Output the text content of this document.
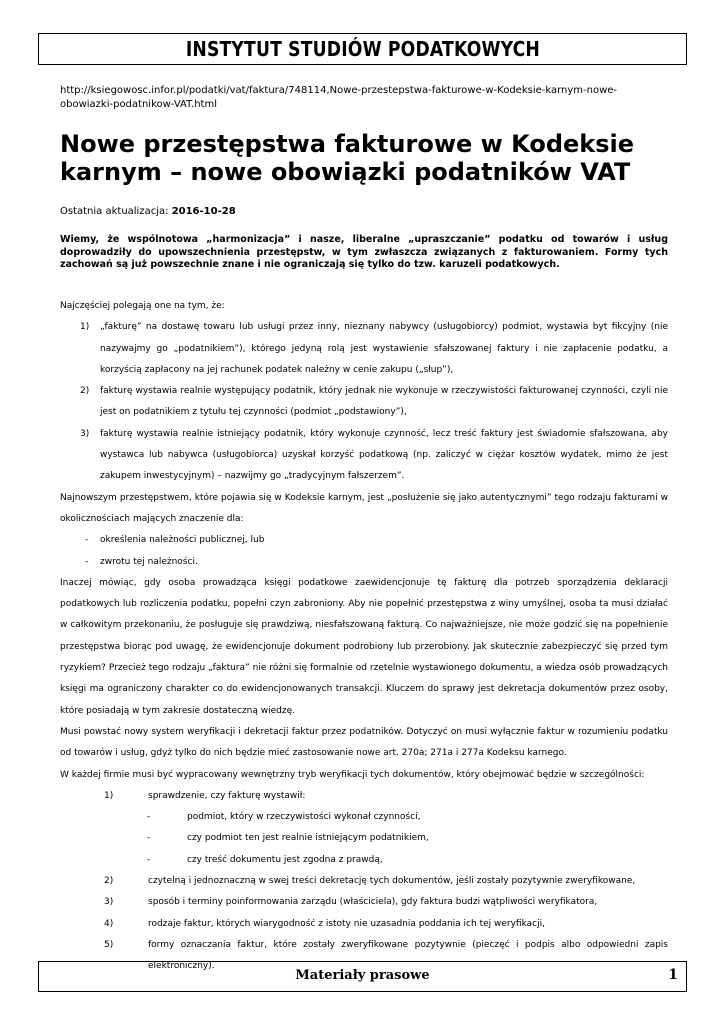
INSTYTUT STUDIÓW PODATKOWYCH
http://ksiegowosc.infor.pl/podatki/vat/faktura/748114,Nowe-przestepstwa-fakturowe-w-Kodeksie-karnym-nowe-obowiazki-podatnikow-VAT.html
Nowe przestępstwa fakturowe w Kodeksie karnym – nowe obowiązki podatników VAT
Ostatnia aktualizacja: 2016-10-28
Wiemy, że wspólnotowa „harmonizacja” i nasze, liberalne „upraszczanie” podatku od towarów i usług doprowadziły do upowszechnienia przestępstw, w tym zwłaszcza związanych z fakturowaniem. Formy tych zachowań są już powszechnie znane i nie ograniczają się tylko do tzw. karuzeli podatkowych.

Najczęściej polegają one na tym, że:

1)	„fakturę” na dostawę towaru lub usługi przez inny, nieznany nabywcy (usługobiorcy) podmiot, wystawia byt fikcyjny (nie nazywajmy go „podatnikiem”), którego jedyną rolą jest wystawienie sfałszowanej faktury i nie zapłacenie podatku, a korzyścią zapłacony na jej rachunek podatek należny w cenie zakupu („słup”),
2)	fakturę wystawia realnie występujący podatnik, który jednak nie wykonuje w rzeczywistości fakturowanej czynności, czyli nie jest on podatnikiem z tytułu tej czynności (podmiot „podstawiony”),
3)	fakturę wystawia realnie istniejący podatnik, który wykonuje czynność, lecz treść faktury jest świadomie sfałszowana, aby wystawca lub nabywca (usługobiorca) uzyskał korzyść podatkową (np. zaliczyć w ciężar kosztów wydatek, mimo że jest zakupem inwestycyjnym) – nazwijmy go „tradycyjnym fałszerzem”.

Najnowszym przestępstwem, które pojawia się w Kodeksie karnym, jest „posłużenie się jako autentycznymi” tego rodzaju fakturami w okolicznościach mających znaczenie dla:

-	określenia należności publicznej, lub
-	zwrotu tej należności.

Inaczej mówiąc, gdy osoba prowadząca księgi podatkowe zaewidencjonuje tę fakturę dla potrzeb sporządzenia deklaracji podatkowych lub rozliczenia podatku, popełni czyn zabroniony. Aby nie popełnić przestępstwa z winy umyślnej, osoba ta musi działać w całkowitym przekonaniu, że posługuje się prawdziwą, niesfałszowaną fakturą. Co najważniejsze, nie może godzić się na popełnienie przestępstwa biorąc pod uwagę, że ewidencjonuje dokument podrobiony lub przerobiony. Jak skutecznie zabezpieczyć się przed tym ryzykiem? Przecież tego rodzaju „faktura” nie różni się formalnie od rzetelnie wystawionego dokumentu, a wiedza osób prowadzących księgi ma ograniczony charakter co do ewidencjonowanych transakcji. Kluczem do sprawy jest dekretacja dokumentów przez osoby, które posiadają w tym zakresie dostateczną wiedzę.

Musi powstać nowy system weryfikacji i dekretacji faktur przez podatników. Dotyczyć on musi wyłącznie faktur w rozumieniu podatku od towarów i usług, gdyż tylko do nich będzie mieć zastosowanie nowe art. 270a; 271a i 277a Kodeksu karnego.

W każdej firmie musi być wypracowany wewnętrzny tryb weryfikacji tych dokumentów, który obejmować będzie w szczególności:

1)	sprawdzenie, czy fakturę wystawił:
-	podmiot, który w rzeczywistości wykonał czynności,
-	czy podmiot ten jest realnie istniejącym podatnikiem,
-	czy treść dokumentu jest zgodna z prawdą,
2)	czytelną i jednoznaczną w swej treści dekretację tych dokumentów, jeśli zostały pozytywnie zweryfikowane,
3)	sposób i terminy poinformowania zarządu (właściciela), gdy faktura budzi wątpliwości weryfikatora,
4)	rodzaje faktur, których wiarygodność z istoty nie uzasadnia poddania ich tej weryfikacji,
5)	formy oznaczania faktur, które zostały zweryfikowane pozytywnie (pieczęć i podpis albo odpowiedni zapis elektroniczny).
Materiały prasowe	1
